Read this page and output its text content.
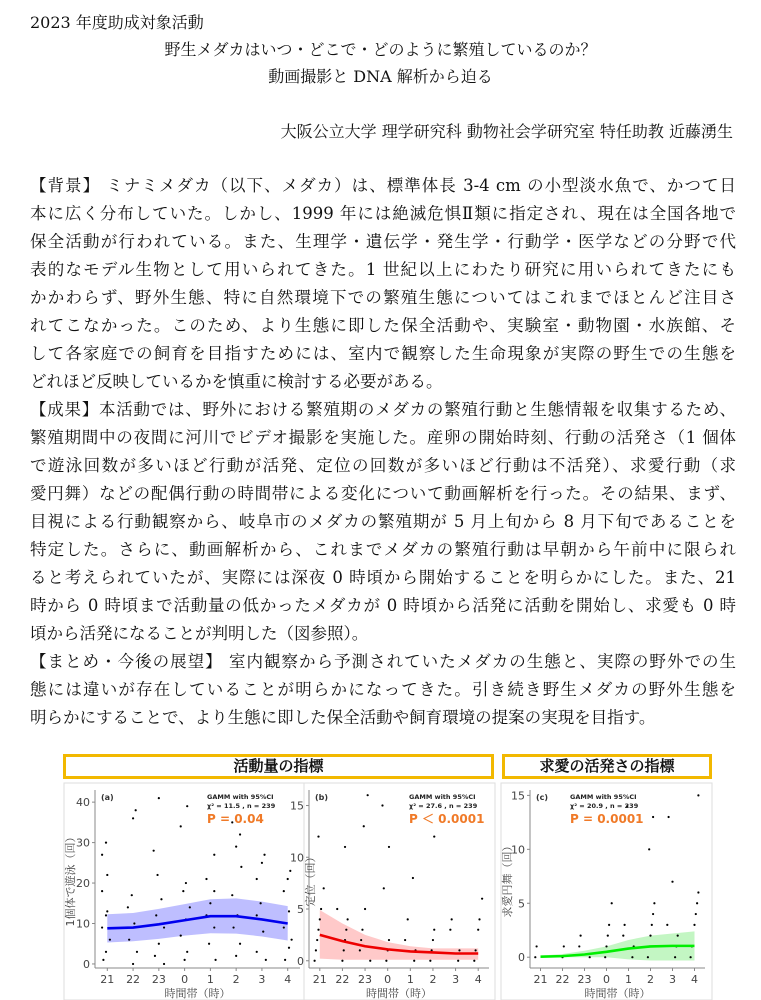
2023 年度助成対象活動
野生メダカはいつ・どこで・どのように繁殖しているのか？
動画撮影と DNA 解析から迫る
大阪公立大学 理学研究科 動物社会学研究室 特任助教 近藤湧生
【背景】 ミナミメダカ（以下、メダカ）は、標準体長 3-4 cm の小型淡水魚で、かつて日
本に広く分布していた。しかし、1999 年には絶滅危惧Ⅱ類に指定され、現在は全国各地で
保全活動が行われている。また、生理学・遺伝学・発生学・行動学・医学などの分野で代
表的なモデル生物として用いられてきた。1 世紀以上にわたり研究に用いられてきたにも
かかわらず、野外生態、特に自然環境下での繁殖生態についてはこれまでほとんど注目さ
れてこなかった。このため、より生態に即した保全活動や、実験室・動物園・水族館、そ
して各家庭での飼育を目指すためには、室内で観察した生命現象が実際の野生での生態を
どれほど反映しているかを慎重に検討する必要がある。
【成果】本活動では、野外における繁殖期のメダカの繁殖行動と生態情報を収集するため、
繁殖期間中の夜間に河川でビデオ撮影を実施した。産卵の開始時刻、行動の活発さ（1 個体
で遊泳回数が多いほど行動が活発、定位の回数が多いほど行動は不活発）、求愛行動（求
愛円舞）などの配偶行動の時間帯による変化について動画解析を行った。その結果、まず、
目視による行動観察から、岐阜市のメダカの繁殖期が 5 月上旬から 8 月下旬であることを
特定した。さらに、動画解析から、これまでメダカの繁殖行動は早朝から午前中に限られ
ると考えられていたが、実際には深夜 0 時頃から開始することを明らかにした。また、21
時から 0 時頃まで活動量の低かったメダカが 0 時頃から活発に活動を開始し、求愛も 0 時
頃から活発になることが判明した（図参照）。
【まとめ・今後の展望】 室内観察から予測されていたメダカの生態と、実際の野外での生
態には違いが存在していることが明らかになってきた。引き続き野生メダカの野外生態を
明らかにすることで、より生態に即した保全活動や飼育環境の提案の実現を目指す。
活動量の指標	求愛の活発さの指標
0
10
20
30
40
21 22 23 0 1 2 3 4
時間帯（時）
1個体で遊泳（回）
(a)	GAMM with 95%CI
χ² = 11.5 , n = 239
P = 0.04
0
5
10
15
21 22 23 0 1 2 3 4
時間帯（時）
定位（回）
(b)	GAMM with 95%CI
χ² = 27.6 , n = 239
P ＜ 0.0001
0
5
10
15
21 22 23 0 1 2 3 4
時間帯（時）
求愛円舞（回）
(c)	GAMM with 95%CI
χ² = 20.9 , n = 239
P = 0.0001
